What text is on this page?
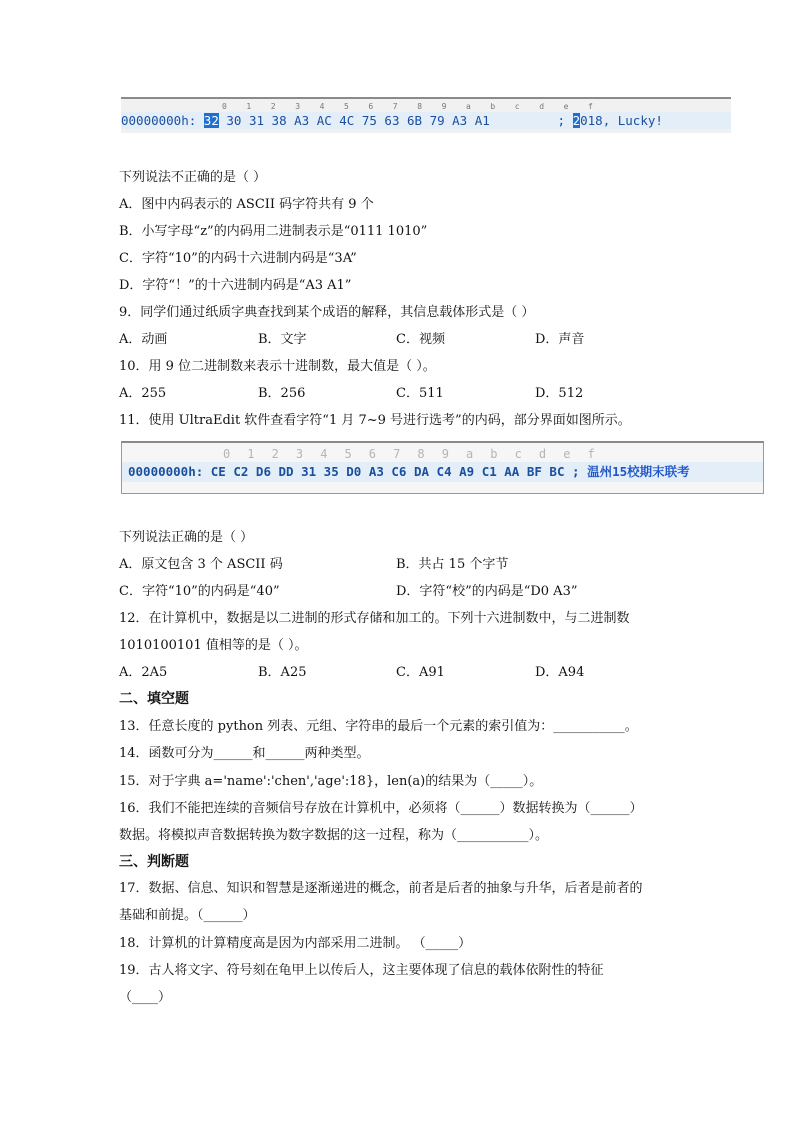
0 1 2 3 4 5 6 7 8 9 a b c d e f
00000000h: 32 30 31 38 A3 AC 4C 75 63 6B 79 A3 A1	; 2018, Lucky!
下列说法不正确的是（ ）
A．图中内码表示的 ASCII 码字符共有 9 个
B．小写字母“z”的内码用二进制表示是“0111 1010”
C．字符“10”的内码十六进制内码是“3A”
D．字符“！”的十六进制内码是“A3 A1”
9．同学们通过纸质字典查找到某个成语的解释，其信息载体形式是（ ）
A．动画	B．文字	C．视频	D．声音
10．用 9 位二进制数来表示十进制数，最大值是（ ）。
A．255	B．256	C．511	D．512
11．使用 UltraEdit 软件查看字符“1 月 7~9 号进行选考”的内码，部分界面如图所示。
0 1 2 3 4 5 6 7 8 9 a b c d e f
00000000h: CE C2 D6 DD 31 35 D0 A3 C6 DA C4 A9 C1 AA BF BC ; 温州15校期末联考
下列说法正确的是（ ）
A．原文包含 3 个 ASCII 码	B．共占 15 个字节
C．字符“10”的内码是“40”	D．字符“校”的内码是“D0 A3”
12．在计算机中，数据是以二进制的形式存储和加工的。下列十六进制数中，与二进制数
1010100101 值相等的是（ ）。
A．2A5	B．A25	C．A91	D．A94
二、填空题
13．任意长度的 python 列表、元组、字符串的最后一个元素的索引值为：___________。
14．函数可分为______和______两种类型。
15．对于字典 a='name':'chen','age':18}，len(a)的结果为（_____）。
16．我们不能把连续的音频信号存放在计算机中，必须将（______）数据转换为（______）
数据。将模拟声音数据转换为数字数据的这一过程，称为（___________）。
三、判断题
17．数据、信息、知识和智慧是逐渐递进的概念，前者是后者的抽象与升华，后者是前者的
基础和前提。（______）
18．计算机的计算精度高是因为内部采用二进制。 （_____）
19．古人将文字、符号刻在龟甲上以传后人，这主要体现了信息的载体依附性的特征
（____）
